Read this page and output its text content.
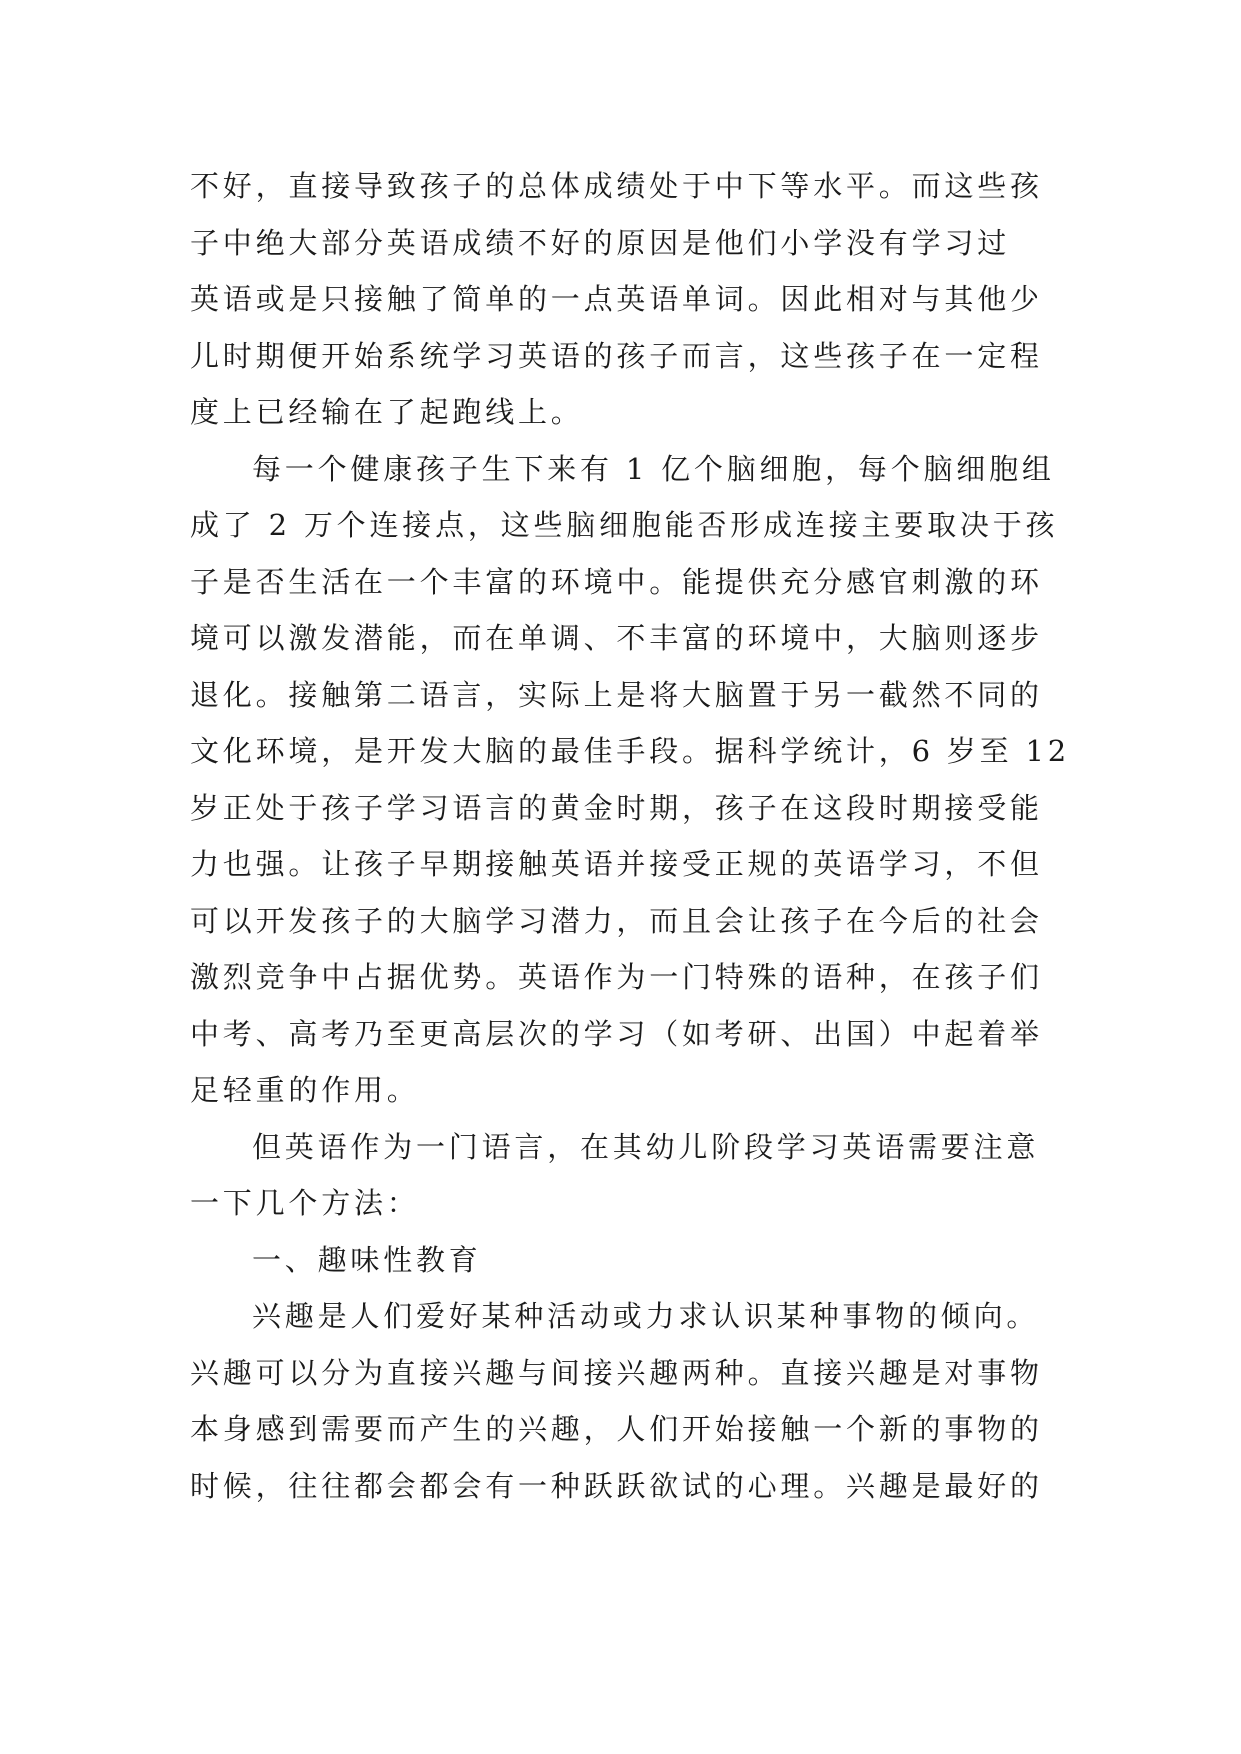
不好，直接导致孩子的总体成绩处于中下等水平。而这些孩
子中绝大部分英语成绩不好的原因是他们小学没有学习过
英语或是只接触了简单的一点英语单词。因此相对与其他少
儿时期便开始系统学习英语的孩子而言，这些孩子在一定程
度上已经输在了起跑线上。
每一个健康孩子生下来有 1 亿个脑细胞，每个脑细胞组
成了 2 万个连接点，这些脑细胞能否形成连接主要取决于孩
子是否生活在一个丰富的环境中。能提供充分感官刺激的环
境可以激发潜能，而在单调、不丰富的环境中，大脑则逐步
退化。接触第二语言，实际上是将大脑置于另一截然不同的
文化环境，是开发大脑的最佳手段。据科学统计，6 岁至 12
岁正处于孩子学习语言的黄金时期，孩子在这段时期接受能
力也强。让孩子早期接触英语并接受正规的英语学习，不但
可以开发孩子的大脑学习潜力，而且会让孩子在今后的社会
激烈竞争中占据优势。英语作为一门特殊的语种，在孩子们
中考、高考乃至更高层次的学习（如考研、出国）中起着举
足轻重的作用。
但英语作为一门语言，在其幼儿阶段学习英语需要注意
一下几个方法：
一、趣味性教育
兴趣是人们爱好某种活动或力求认识某种事物的倾向。
兴趣可以分为直接兴趣与间接兴趣两种。直接兴趣是对事物
本身感到需要而产生的兴趣，人们开始接触一个新的事物的
时候，往往都会都会有一种跃跃欲试的心理。兴趣是最好的
